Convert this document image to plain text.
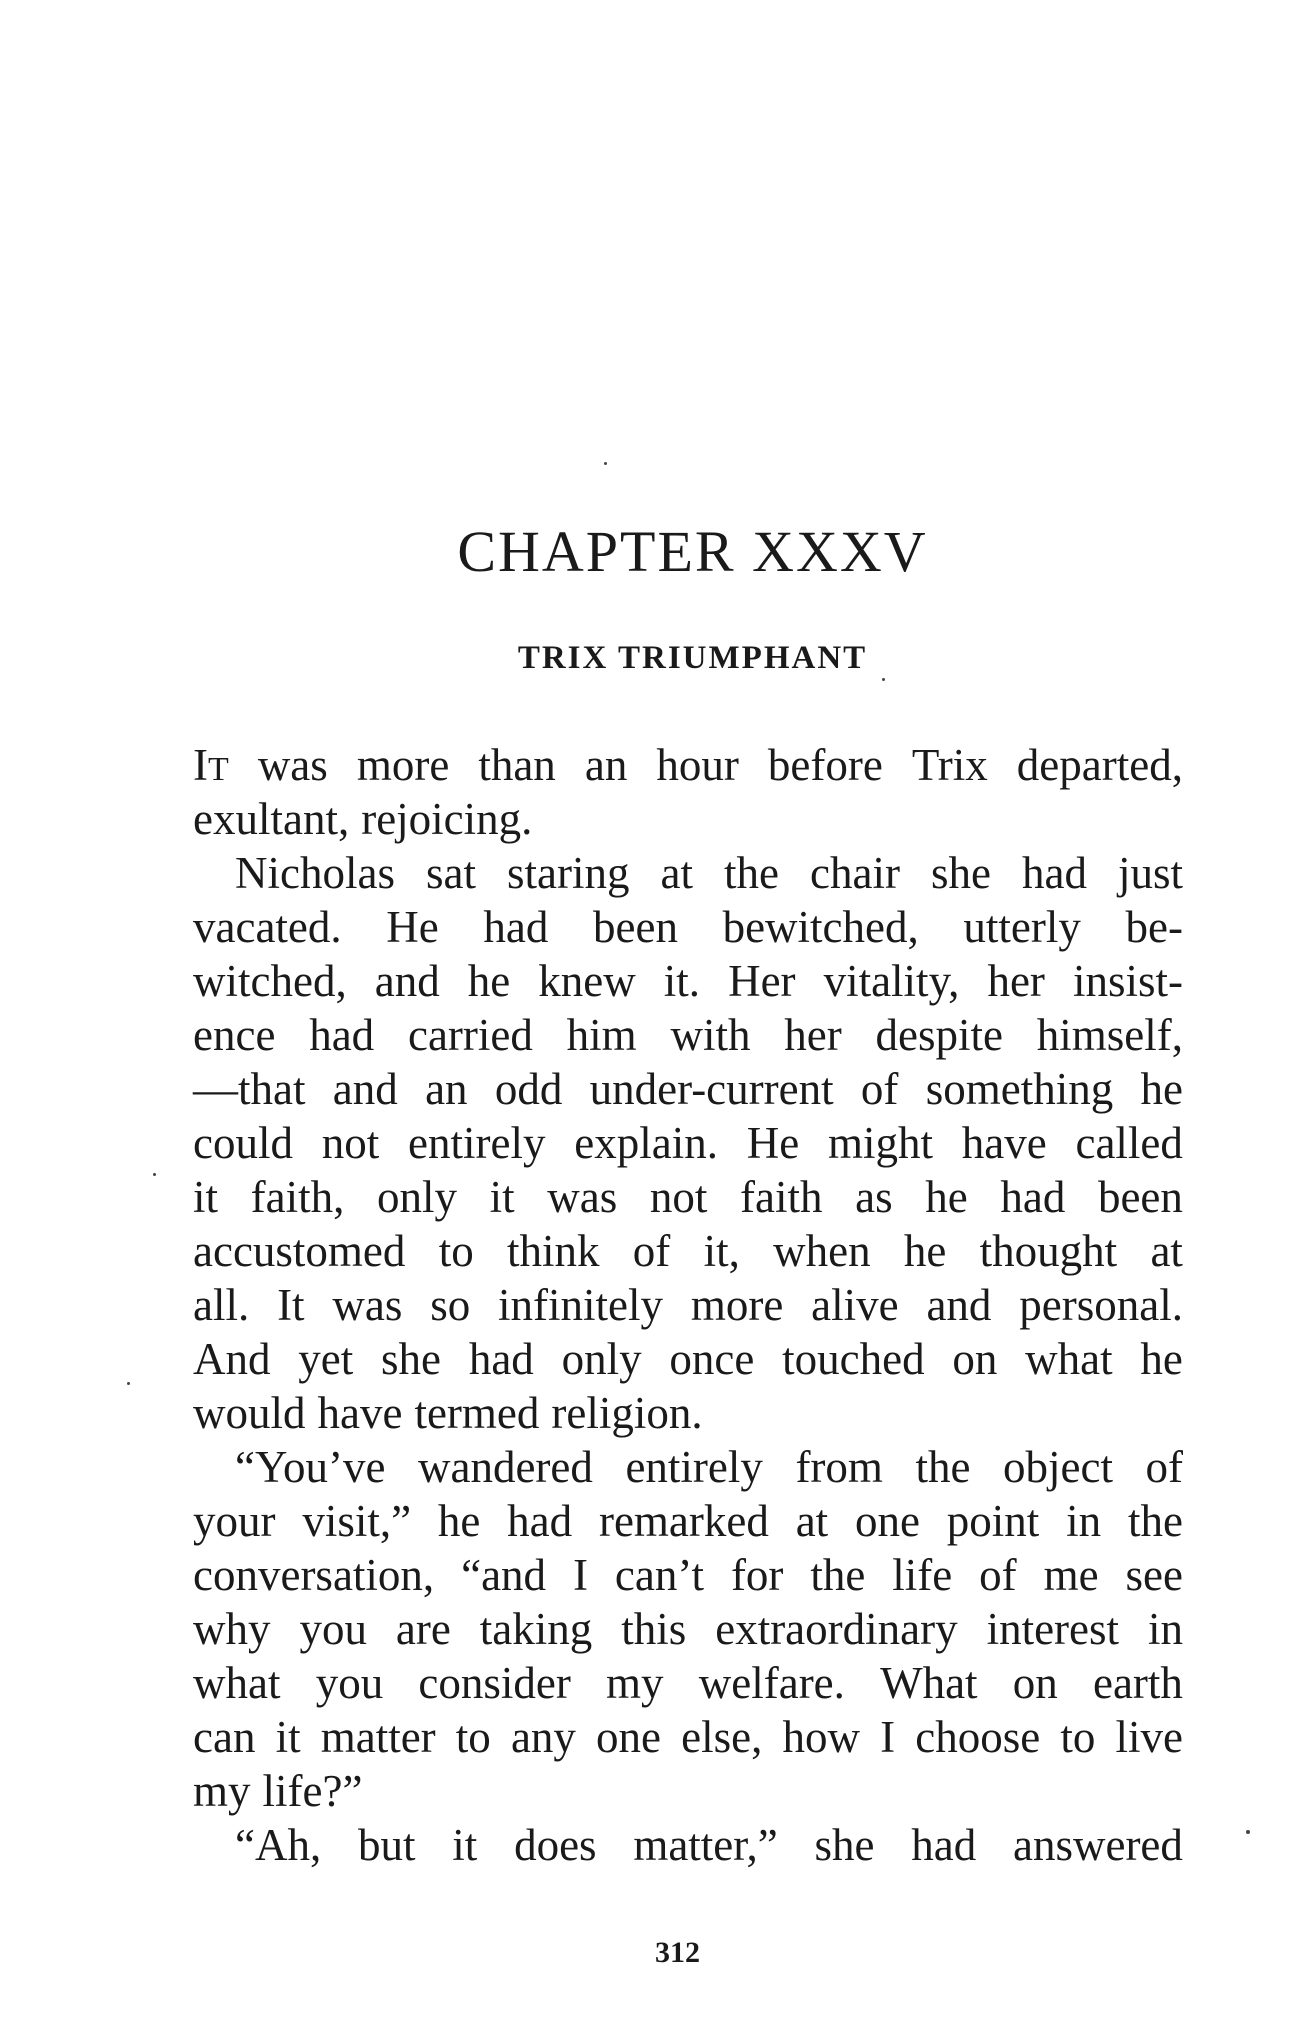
CHAPTER XXXV
TRIX TRIUMPHANT
IT was more than an hour before Trix departed,
exultant, rejoicing.
Nicholas sat staring at the chair she had just
vacated. He had been bewitched, utterly be-
witched, and he knew it. Her vitality, her insist-
ence had carried him with her despite himself,
—that and an odd under-current of something he
could not entirely explain. He might have called
it faith, only it was not faith as he had been
accustomed to think of it, when he thought at
all. It was so infinitely more alive and personal.
And yet she had only once touched on what he
would have termed religion.
“You’ve wandered entirely from the object of
your visit,” he had remarked at one point in the
conversation, “and I can’t for the life of me see
why you are taking this extraordinary interest in
what you consider my welfare. What on earth
can it matter to any one else, how I choose to live
my life?”
“Ah, but it does matter,” she had answered
312
